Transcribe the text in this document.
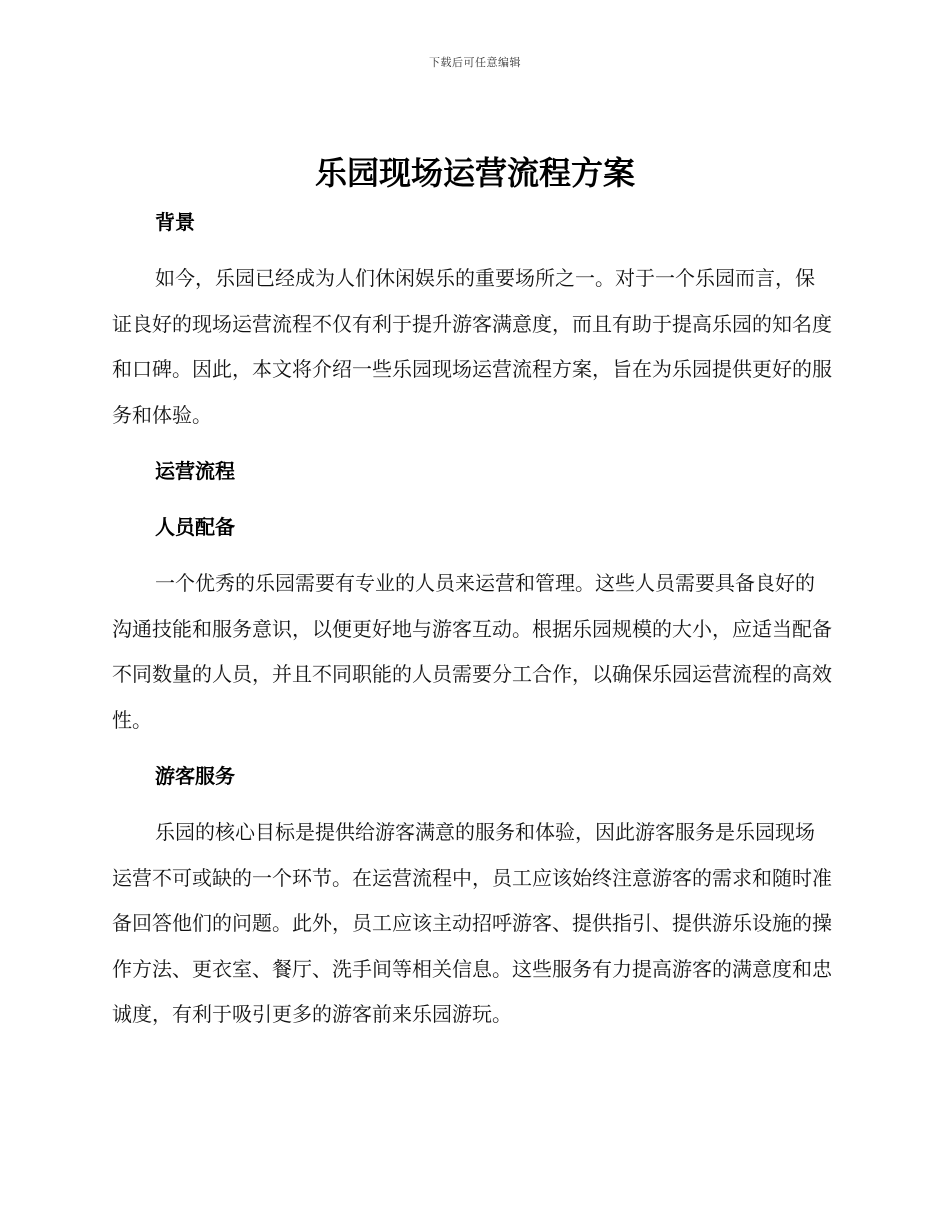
下载后可任意编辑
乐园现场运营流程方案
背景

如今，乐园已经成为人们休闲娱乐的重要场所之一。对于一个乐园而言，保证良好的现场运营流程不仅有利于提升游客满意度，而且有助于提高乐园的知名度和口碑。因此，本文将介绍一些乐园现场运营流程方案，旨在为乐园提供更好的服务和体验。

运营流程
人员配备

一个优秀的乐园需要有专业的人员来运营和管理。这些人员需要具备良好的沟通技能和服务意识，以便更好地与游客互动。根据乐园规模的大小，应适当配备不同数量的人员，并且不同职能的人员需要分工合作，以确保乐园运营流程的高效性。

游客服务

乐园的核心目标是提供给游客满意的服务和体验，因此游客服务是乐园现场运营不可或缺的一个环节。在运营流程中，员工应该始终注意游客的需求和随时准备回答他们的问题。此外，员工应该主动招呼游客、提供指引、提供游乐设施的操作方法、更衣室、餐厅、洗手间等相关信息。这些服务有力提高游客的满意度和忠诚度，有利于吸引更多的游客前来乐园游玩。
